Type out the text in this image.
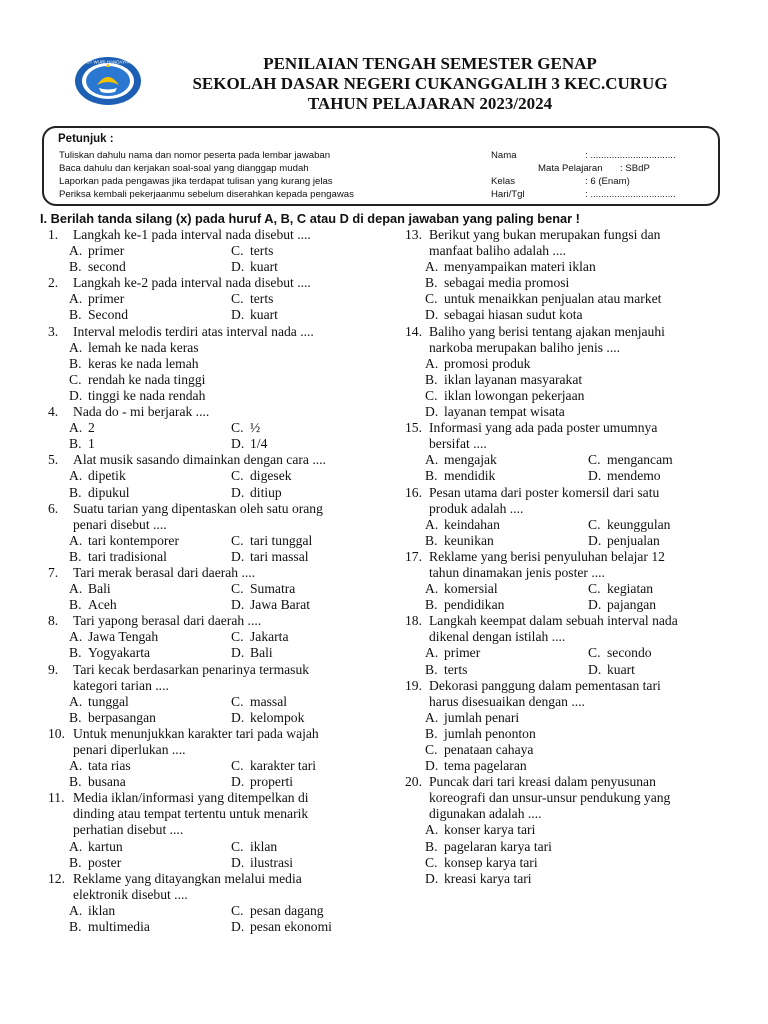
TUT WURI HANDAYANI	PENILAIAN TENGAH SEMESTER GENAP
SEKOLAH DASAR NEGERI CUKANGGALIH 3 KEC.CURUG
TAHUN PELAJARAN 2023/2024
Petunjuk :
Tuliskan dahulu nama dan nomor peserta pada lembar jawaban
Baca dahulu dan kerjakan soal-soal yang dianggap mudah
Laporkan pada pengawas jika terdapat tulisan yang kurang jelas
Periksa kembali pekerjaanmu sebelum diserahkan kepada pengawas
Nama	: ................................
Mata Pelajaran : SBdP
Kelas	: 6 (Enam)
Hari/Tgl	: ................................
I. Berilah tanda silang (x) pada huruf A, B, C atau D di depan jawaban yang paling benar !
1.	Langkah ke-1 pada interval nada disebut ....
A. primer	C. terts
B. second	D. kuart
2.	Langkah ke-2 pada interval nada disebut ....
A. primer	C. terts
B. Second	D. kuart
3.	Interval melodis terdiri atas interval nada ....
A. lemah ke nada keras
B. keras ke nada lemah
C. rendah ke nada tinggi
D. tinggi ke nada rendah
4.	Nada do - mi berjarak ....
A. 2	C. ½
B. 1	D. 1/4
5.	Alat musik sasando dimainkan dengan cara ....
A. dipetik	C. digesek
B. dipukul	D. ditiup
6.	Suatu tarian yang dipentaskan oleh satu orang
penari disebut ....
A. tari kontemporer	C. tari tunggal
B. tari tradisional	D. tari massal
7.	Tari merak berasal dari daerah ....
A. Bali	C. Sumatra
B. Aceh	D. Jawa Barat
8.	Tari yapong berasal dari daerah ....
A. Jawa Tengah	C. Jakarta
B. Yogyakarta	D. Bali
9.	Tari kecak berdasarkan penarinya termasuk
kategori tarian ....
A. tunggal	C. massal
B. berpasangan	D. kelompok
10. Untuk menunjukkan karakter tari pada wajah
penari diperlukan ....
A. tata rias	C. karakter tari
B. busana	D. properti
11. Media iklan/informasi yang ditempelkan di
dinding atau tempat tertentu untuk menarik
perhatian disebut ....
A. kartun	C. iklan
B. poster	D. ilustrasi
12. Reklame yang ditayangkan melalui media
elektronik disebut ....
A. iklan	C. pesan dagang
B. multimedia	D. pesan ekonomi
13. Berikut yang bukan merupakan fungsi dan
manfaat baliho adalah ....
A. menyampaikan materi iklan
B. sebagai media promosi
C. untuk menaikkan penjualan atau market
D. sebagai hiasan sudut kota
14. Baliho yang berisi tentang ajakan menjauhi
narkoba merupakan baliho jenis ....
A. promosi produk
B. iklan layanan masyarakat
C. iklan lowongan pekerjaan
D. layanan tempat wisata
15. Informasi yang ada pada poster umumnya
bersifat ....
A. mengajak	C. mengancam
B. mendidik	D. mendemo
16. Pesan utama dari poster komersil dari satu
produk adalah ....
A. keindahan	C. keunggulan
B. keunikan	D. penjualan
17. Reklame yang berisi penyuluhan belajar 12
tahun dinamakan jenis poster ....
A. komersial	C. kegiatan
B. pendidikan	D. pajangan
18. Langkah keempat dalam sebuah interval nada
dikenal dengan istilah ....
A. primer	C. secondo
B. terts	D. kuart
19. Dekorasi panggung dalam pementasan tari
harus disesuaikan dengan ....
A. jumlah penari
B. jumlah penonton
C. penataan cahaya
D. tema pagelaran
20. Puncak dari tari kreasi dalam penyusunan
koreografi dan unsur-unsur pendukung yang
digunakan adalah ....
A. konser karya tari
B. pagelaran karya tari
C. konsep karya tari
D. kreasi karya tari
